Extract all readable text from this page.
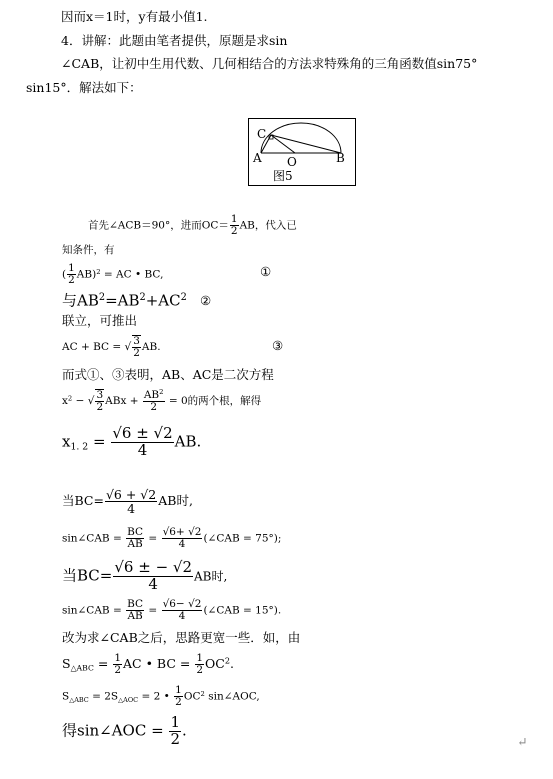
因而x＝1时，y有最小值1.
4．讲解：此题由笔者提供，原题是求sin
∠CAB，让初中生用代数、几何相结合的方法求特殊角的三角函数值sin75°
sin15°．解法如下：
C
A O	B
图5
首先∠ACB＝90°，进而$OC= \frac{1}{2}$ AB，代入已
知条件，有
( $\frac{1}{2} AB)^2$ = AC • BC,	①
与$AB^2=AB^2+AC^2$ ②
联立，可推出
AC + BC = √ $\frac{3}{2}$ AB.	③
而式①、③表明，AB、AC是二次方程
$x^2$ − √ $\frac{3}{2}$ ABx + $\frac{AB^2}{2} = 0$的两个根，解得
$x_{1. 2} = \frac{√6 \pm √2}{4}$ AB.
当$BC= \frac{√6 + √2}{4}$ AB时,
sin∠CAB = $\frac{BC}{AB} = \frac{√6+ √2}{4}$ (∠CAB = 75°);
当$BC= \frac{√6 \pm - √2}{4}$ AB时,
sin∠CAB = $\frac{BC}{AB} = \frac{√6- √2}{4}$ (∠CAB = 15°).
改为求∠CAB之后，思路更宽一些．如，由
$S_{\triangle ABC} = \frac{1}{2}$ AC • BC = $\frac{1}{2} OC^2$.
$S_{\triangle ABC} = 2S_{\triangle AOC} = 2$ • $\frac{1}{2} OC^2$ sin∠AOC,
得sin∠AOC = $\frac{1}{2}$ .
↵
